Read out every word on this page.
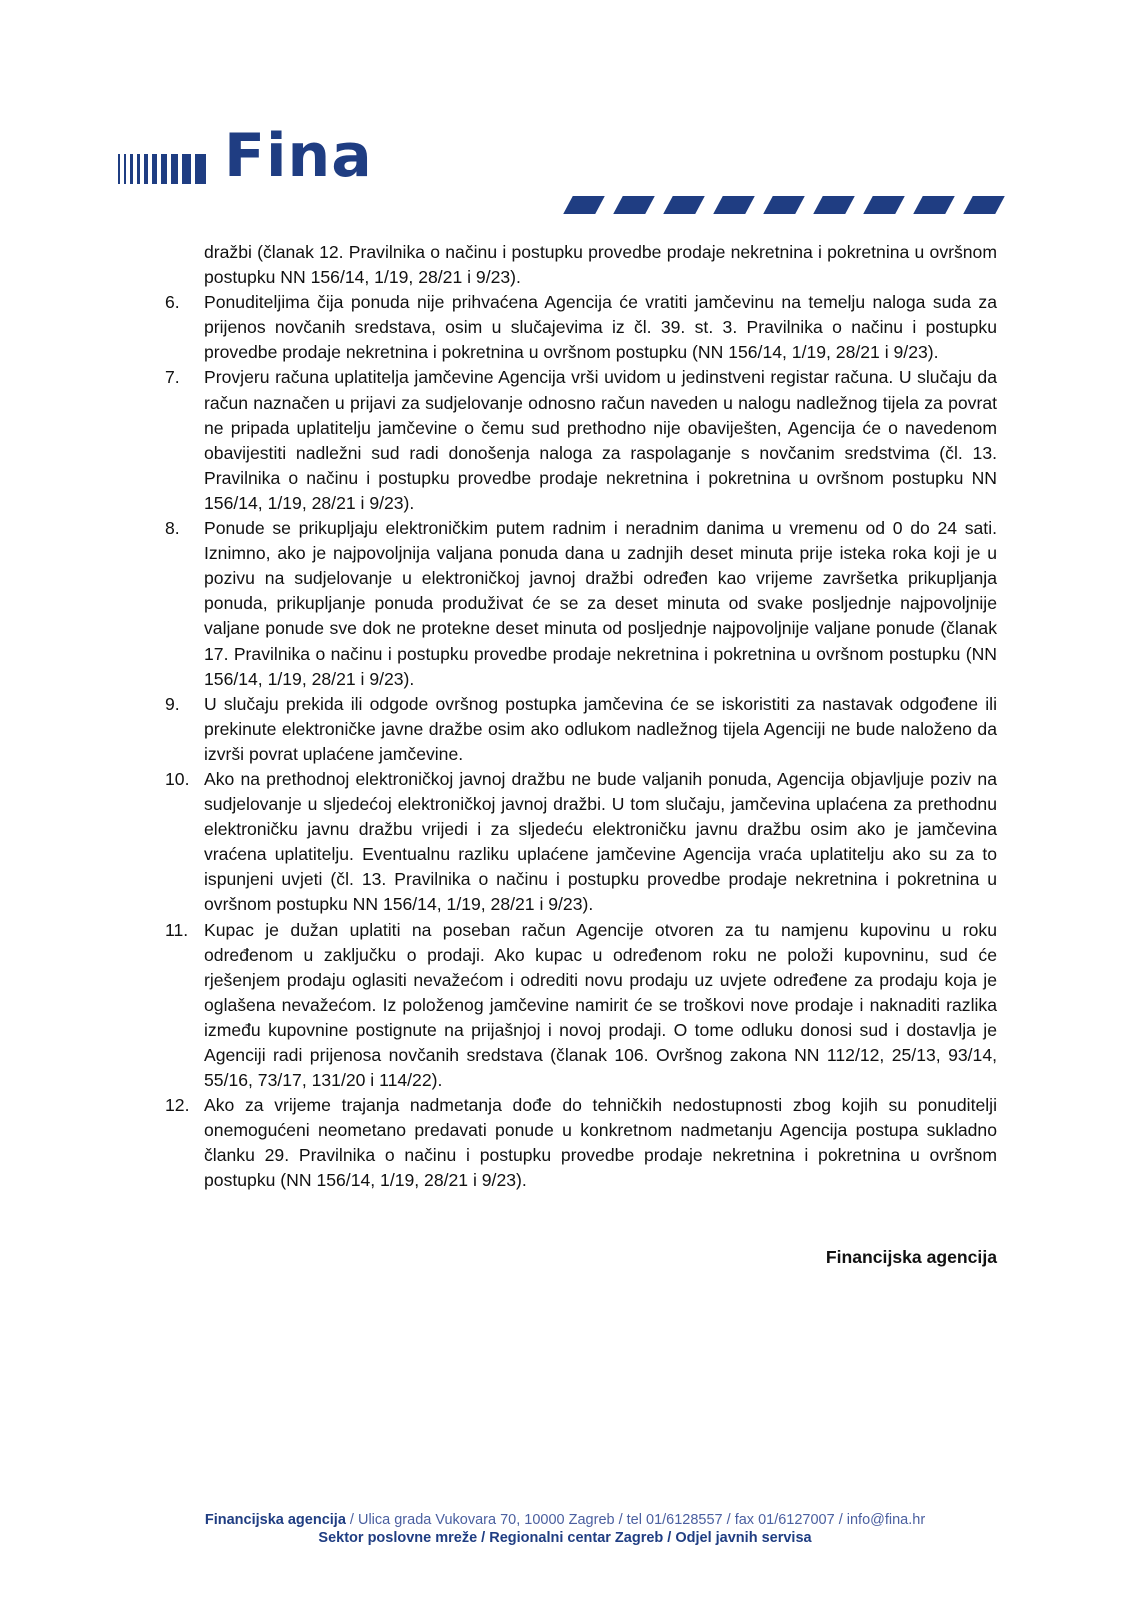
Fina
dražbi (članak 12. Pravilnika o načinu i postupku provedbe prodaje nekretnina i pokretnina u ovršnom postupku NN 156/14, 1/19, 28/21 i 9/23).
6.	Ponuditeljima čija ponuda nije prihvaćena Agencija će vratiti jamčevinu na temelju naloga suda za prijenos novčanih sredstava, osim u slučajevima iz čl. 39. st. 3. Pravilnika o načinu i postupku provedbe prodaje nekretnina i pokretnina u ovršnom postupku (NN 156/14, 1/19, 28/21 i 9/23).
7.	Provjeru računa uplatitelja jamčevine Agencija vrši uvidom u jedinstveni registar računa. U slučaju da račun naznačen u prijavi za sudjelovanje odnosno račun naveden u nalogu nadležnog tijela za povrat ne pripada uplatitelju jamčevine o čemu sud prethodno nije obaviješten, Agencija će o navedenom obavijestiti nadležni sud radi donošenja naloga za raspolaganje s novčanim sredstvima (čl. 13. Pravilnika o načinu i postupku provedbe prodaje nekretnina i pokretnina u ovršnom postupku NN 156/14, 1/19, 28/21 i 9/23).
8.	Ponude se prikupljaju elektroničkim putem radnim i neradnim danima u vremenu od 0 do 24 sati. Iznimno, ako je najpovoljnija valjana ponuda dana u zadnjih deset minuta prije isteka roka koji je u pozivu na sudjelovanje u elektroničkoj javnoj dražbi određen kao vrijeme završetka prikupljanja ponuda, prikupljanje ponuda produživat će se za deset minuta od svake posljednje najpovoljnije valjane ponude sve dok ne protekne deset minuta od posljednje najpovoljnije valjane ponude (članak 17. Pravilnika o načinu i postupku provedbe prodaje nekretnina i pokretnina u ovršnom postupku (NN 156/14, 1/19, 28/21 i 9/23).
9.	U slučaju prekida ili odgode ovršnog postupka jamčevina će se iskoristiti za nastavak odgođene ili prekinute elektroničke javne dražbe osim ako odlukom nadležnog tijela Agenciji ne bude naloženo da izvrši povrat uplaćene jamčevine.
10. Ako na prethodnoj elektroničkoj javnoj dražbu ne bude valjanih ponuda, Agencija objavljuje poziv na sudjelovanje u sljedećoj elektroničkoj javnoj dražbi. U tom slučaju, jamčevina uplaćena za prethodnu elektroničku javnu dražbu vrijedi i za sljedeću elektroničku javnu dražbu osim ako je jamčevina vraćena uplatitelju. Eventualnu razliku uplaćene jamčevine Agencija vraća uplatitelju ako su za to ispunjeni uvjeti (čl. 13. Pravilnika o načinu i postupku provedbe prodaje nekretnina i pokretnina u ovršnom postupku NN 156/14, 1/19, 28/21 i 9/23).
11. Kupac je dužan uplatiti na poseban račun Agencije otvoren za tu namjenu kupovinu u roku određenom u zaključku o prodaji. Ako kupac u određenom roku ne položi kupovninu, sud će rješenjem prodaju oglasiti nevažećom i odrediti novu prodaju uz uvjete određene za prodaju koja je oglašena nevažećom. Iz položenog jamčevine namirit će se troškovi nove prodaje i naknaditi razlika između kupovnine postignute na prijašnjoj i novoj prodaji. O tome odluku donosi sud i dostavlja je Agenciji radi prijenosa novčanih sredstava (članak 106. Ovršnog zakona NN 112/12, 25/13, 93/14, 55/16, 73/17, 131/20 i 114/22).
12. Ako za vrijeme trajanja nadmetanja dođe do tehničkih nedostupnosti zbog kojih su ponuditelji onemogućeni neometano predavati ponude u konkretnom nadmetanju Agencija postupa sukladno članku 29. Pravilnika o načinu i postupku provedbe prodaje nekretnina i pokretnina u ovršnom postupku (NN 156/14, 1/19, 28/21 i 9/23).
Financijska agencija
Financijska agencija / Ulica grada Vukovara 70, 10000 Zagreb / tel 01/6128557 / fax 01/6127007 / info@fina.hr
Sektor poslovne mreže / Regionalni centar Zagreb / Odjel javnih servisa
